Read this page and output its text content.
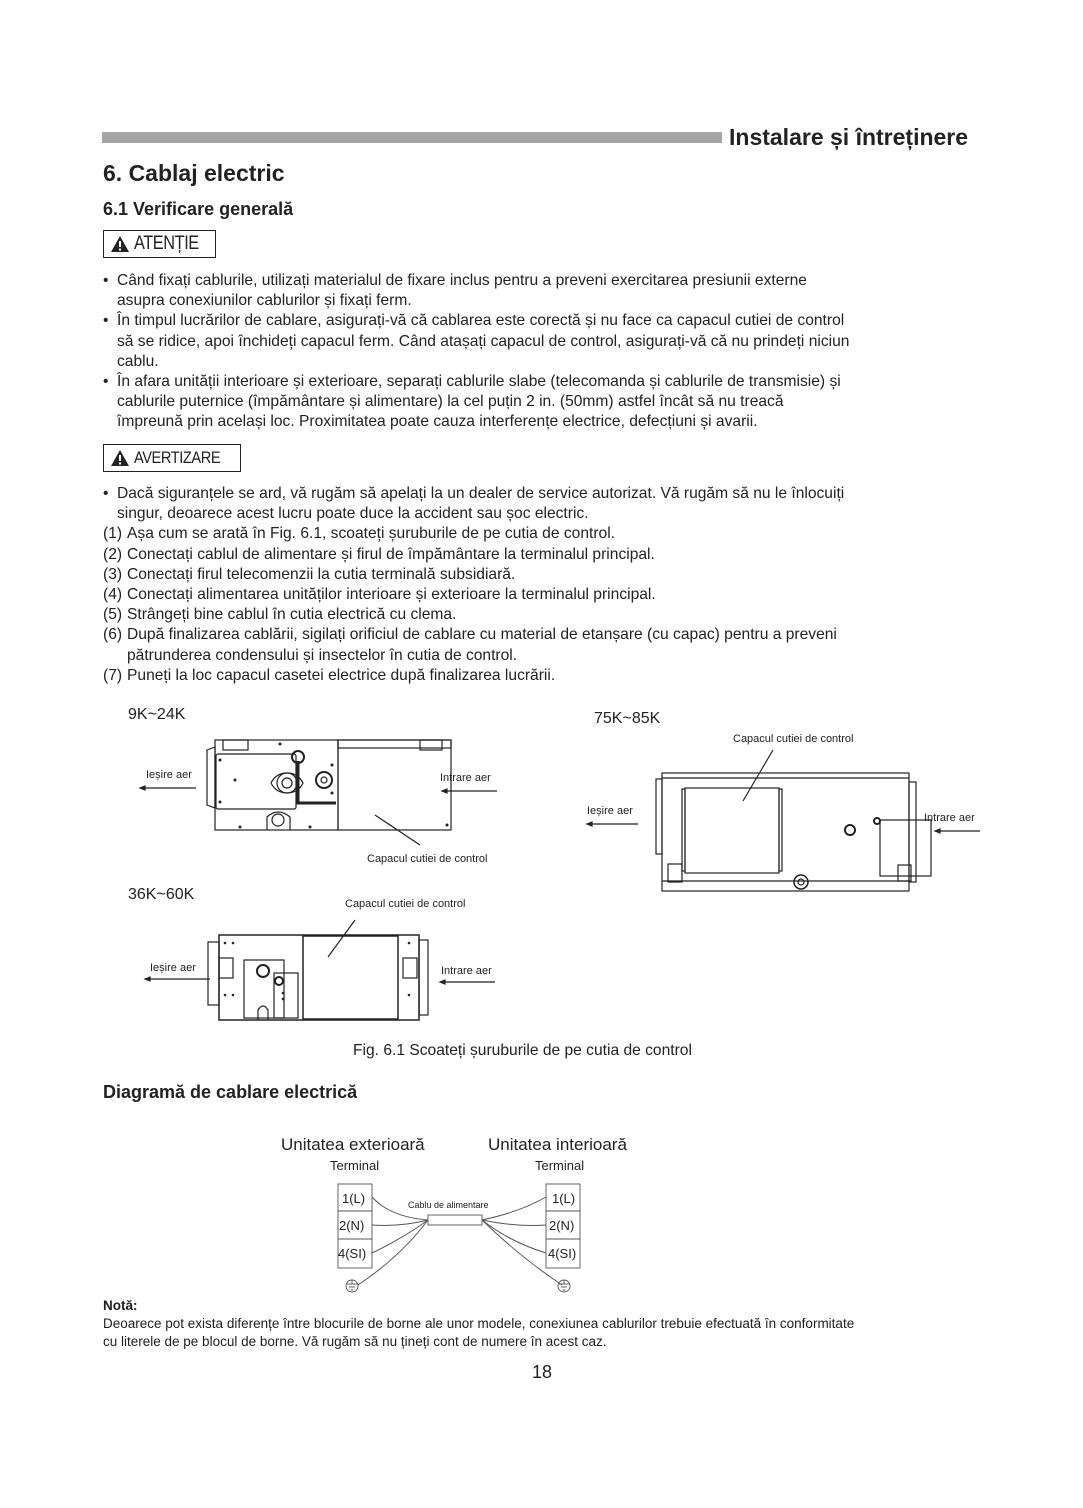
Instalare și întreținere
6. Cablaj electric
6.1 Verificare generală
ATENȚIE
• Când fixați cablurile, utilizați materialul de fixare inclus pentru a preveni exercitarea presiunii externe
asupra conexiunilor cablurilor și fixați ferm.
• În timpul lucrărilor de cablare, asigurați-vă că cablarea este corectă și nu face ca capacul cutiei de control
să se ridice, apoi închideți capacul ferm. Când atașați capacul de control, asigurați-vă că nu prindeți niciun
cablu.
• În afara unității interioare și exterioare, separați cablurile slabe (telecomanda și cablurile de transmisie) și
cablurile puternice (împământare și alimentare) la cel puțin 2 in. (50mm) astfel încât să nu treacă
împreună prin același loc. Proximitatea poate cauza interferențe electrice, defecțiuni și avarii.
AVERTIZARE
• Dacă siguranțele se ard, vă rugăm să apelați la un dealer de service autorizat. Vă rugăm să nu le înlocuiți
singur, deoarece acest lucru poate duce la accident sau șoc electric.
(1) Așa cum se arată în Fig. 6.1, scoateți șuruburile de pe cutia de control.
(2) Conectați cablul de alimentare și firul de împământare la terminalul principal.
(3) Conectați firul telecomenzii la cutia terminală subsidiară.
(4) Conectați alimentarea unităților interioare și exterioare la terminalul principal.
(5) Strângeți bine cablul în cutia electrică cu clema.
(6) După finalizarea cablării, sigilați orificiul de cablare cu material de etanșare (cu capac) pentru a preveni
pătrunderea condensului și insectelor în cutia de control.
(7) Puneți la loc capacul casetei electrice după finalizarea lucrării.
9K~24K	75K~85K
36K~60K
Ieșire aer	Intrare aer
Capacul cutiei de control
Capacul cutiei de control
Ieșire aer
Intrare aer
Capacul cutiei de control
Ieșire aer	Intrare aer
Fig. 6.1 Scoateți șuruburile de pe cutia de control
Diagramă de cablare electrică
Unitatea exterioară
Terminal
Unitatea interioară
Terminal
1(L)
2(N)
4(SI)
1(L)
2(N)
4(SI)
Cablu de alimentare
Notă:
Deoarece pot exista diferențe între blocurile de borne ale unor modele, conexiunea cablurilor trebuie efectuată în conformitate
cu literele de pe blocul de borne. Vă rugăm să nu țineți cont de numere în acest caz.
18
